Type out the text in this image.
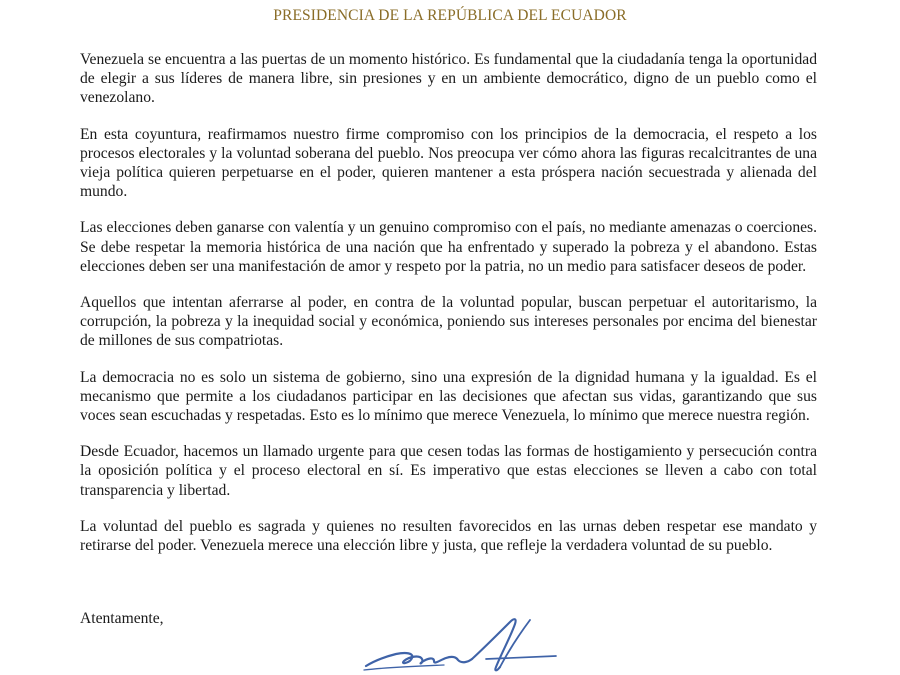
PRESIDENCIA DE LA REPÚBLICA DEL ECUADOR

Venezuela se encuentra a las puertas de un momento histórico. Es fundamental que la ciudadanía tenga la oportunidad de elegir a sus líderes de manera libre, sin presiones y en un ambiente democrático, digno de un pueblo como el venezolano.

En esta coyuntura, reafirmamos nuestro firme compromiso con los principios de la democracia, el respeto a los procesos electorales y la voluntad soberana del pueblo. Nos preocupa ver cómo ahora las figuras recalcitrantes de una vieja política quieren perpetuarse en el poder, quieren mantener a esta próspera nación secuestrada y alienada del mundo.

Las elecciones deben ganarse con valentía y un genuino compromiso con el país, no mediante amenazas o coerciones. Se debe respetar la memoria histórica de una nación que ha enfrentado y superado la pobreza y el abandono. Estas elecciones deben ser una manifestación de amor y respeto por la patria, no un medio para satisfacer deseos de poder.

Aquellos que intentan aferrarse al poder, en contra de la voluntad popular, buscan perpetuar el autoritarismo, la corrupción, la pobreza y la inequidad social y económica, poniendo sus intereses personales por encima del bienestar de millones de sus compatriotas.

La democracia no es solo un sistema de gobierno, sino una expresión de la dignidad humana y la igualdad. Es el mecanismo que permite a los ciudadanos participar en las decisiones que afectan sus vidas, garantizando que sus voces sean escuchadas y respetadas. Esto es lo mínimo que merece Venezuela, lo mínimo que merece nuestra región.

Desde Ecuador, hacemos un llamado urgente para que cesen todas las formas de hostigamiento y persecución contra la oposición política y el proceso electoral en sí. Es imperativo que estas elecciones se lleven a cabo con total transparencia y libertad.

La voluntad del pueblo es sagrada y quienes no resulten favorecidos en las urnas deben respetar ese mandato y retirarse del poder. Venezuela merece una elección libre y justa, que refleje la verdadera voluntad de su pueblo.

Atentamente,
